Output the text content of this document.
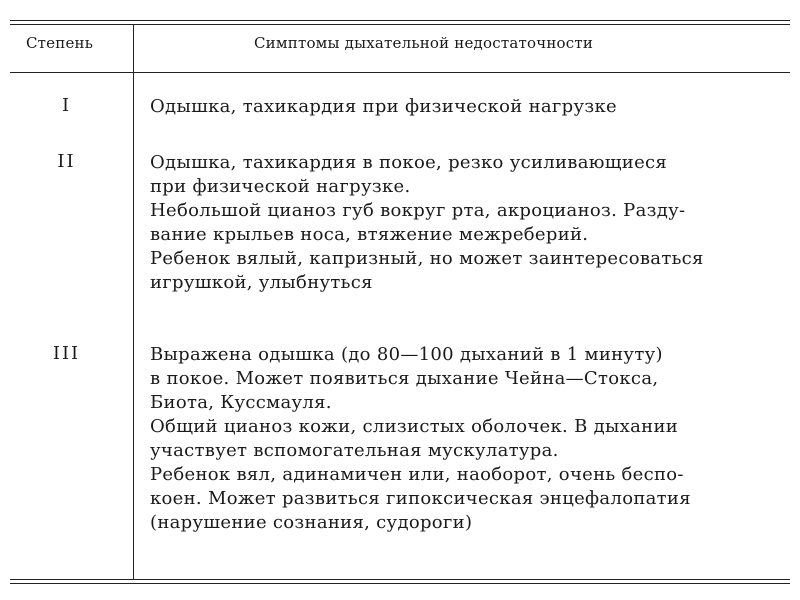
Степень	Симптомы дыхательной недостаточности
I	Одышка, тахикардия при физической нагрузке
II	Одышка, тахикардия в покое, резко усиливающиеся
при физической нагрузке.
Небольшой цианоз губ вокруг рта, акроцианоз. Разду-
вание крыльев носа, втяжение межреберий.
Ребенок вялый, капризный, но может заинтересоваться
игрушкой, улыбнуться
III	Выражена одышка (до 80—100 дыханий в 1 минуту)
в покое. Может появиться дыхание Чейна—Стокса,
Биота, Куссмауля.
Общий цианоз кожи, слизистых оболочек. В дыхании
участвует вспомогательная мускулатура.
Ребенок вял, адинамичен или, наоборот, очень беспо-
коен. Может развиться гипоксическая энцефалопатия
(нарушение сознания, судороги)
